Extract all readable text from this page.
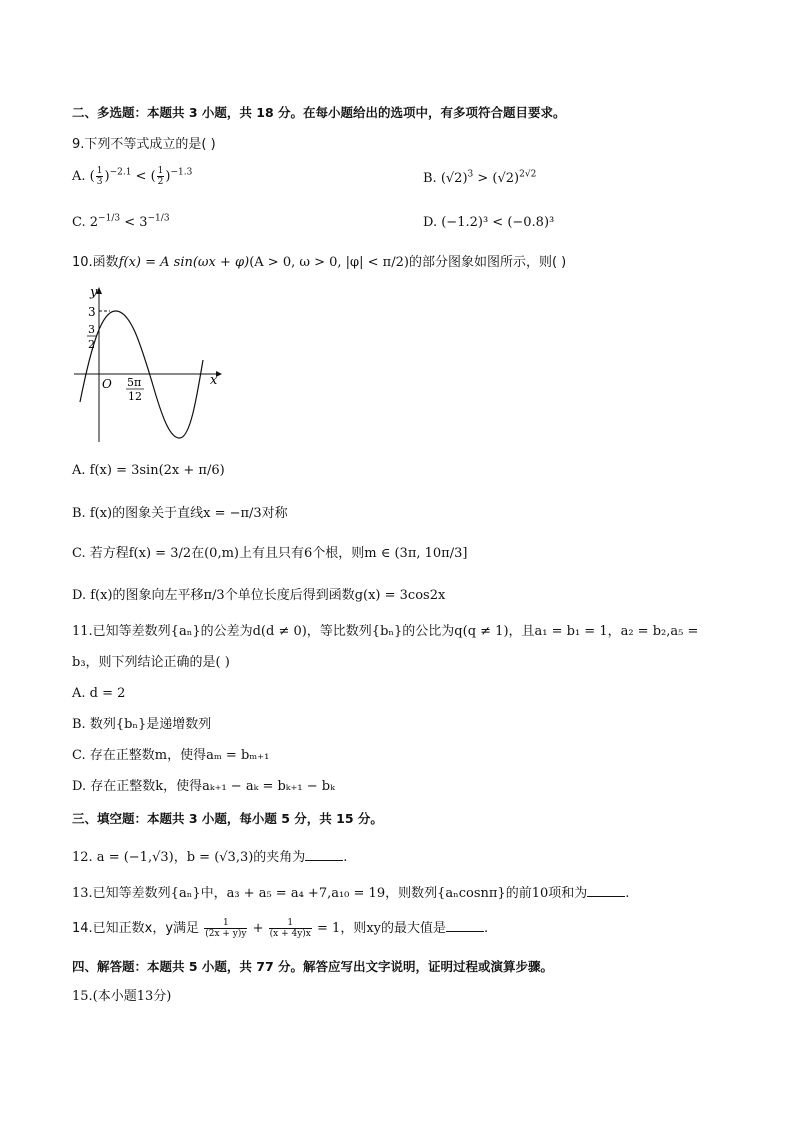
二、多选题：本题共 3 小题，共 18 分。在每小题给出的选项中，有多项符合题目要求。
9.下列不等式成立的是( )
A. ( $\frac{1}{3} )^{-2.1}$ < ( $\frac{1}{2} )^{-1.3}$	B. $(√2)^3 > (√2)^{2√2}$
C. $2^{-1/3} < 3^{-1/3}$	D. (−1.2)³ < (−0.8)³
10.函数f(x) = A sin(ωx + φ)(A > 0, ω > 0, |φ| < π/2)的部分图象如图所示，则( )
y
x
O
3
3
2
5π
12
A. f(x) = 3sin(2x + π/6)
B. f(x)的图象关于直线x = −π/3对称
C. 若方程f(x) = 3/2在(0,m)上有且只有6个根，则m ∈ (3π, 10π/3]
D. f(x)的图象向左平移π/3个单位长度后得到函数g(x) = 3cos2x
11.已知等差数列{aₙ}的公差为d(d ≠ 0)，等比数列{bₙ}的公比为q(q ≠ 1)，且a₁ = b₁ = 1，a₂ = b₂,a₅ =
b₃，则下列结论正确的是( )
A. d = 2
B. 数列{bₙ}是递增数列
C. 存在正整数m，使得aₘ = bₘ₊₁
D. 存在正整数k，使得aₖ₊₁ − aₖ = bₖ₊₁ − bₖ
三、填空题：本题共 3 小题，每小题 5 分，共 15 分。
12. a = (−1,√3)，b = (√3,3)的夹角为	.
13.已知等差数列{aₙ}中，a₃ + a₅ = a₄ +7,a₁₀ = 19，则数列{aₙcosnπ}的前10项和为	.
14.已知正数x，y满足 $\frac{1}{(2x + y)y} + \frac{1}{(x + 4y)x} = 1$，则xy的最大值是	.
四、解答题：本题共 5 小题，共 77 分。解答应写出文字说明，证明过程或演算步骤。
15.(本小题13分)
